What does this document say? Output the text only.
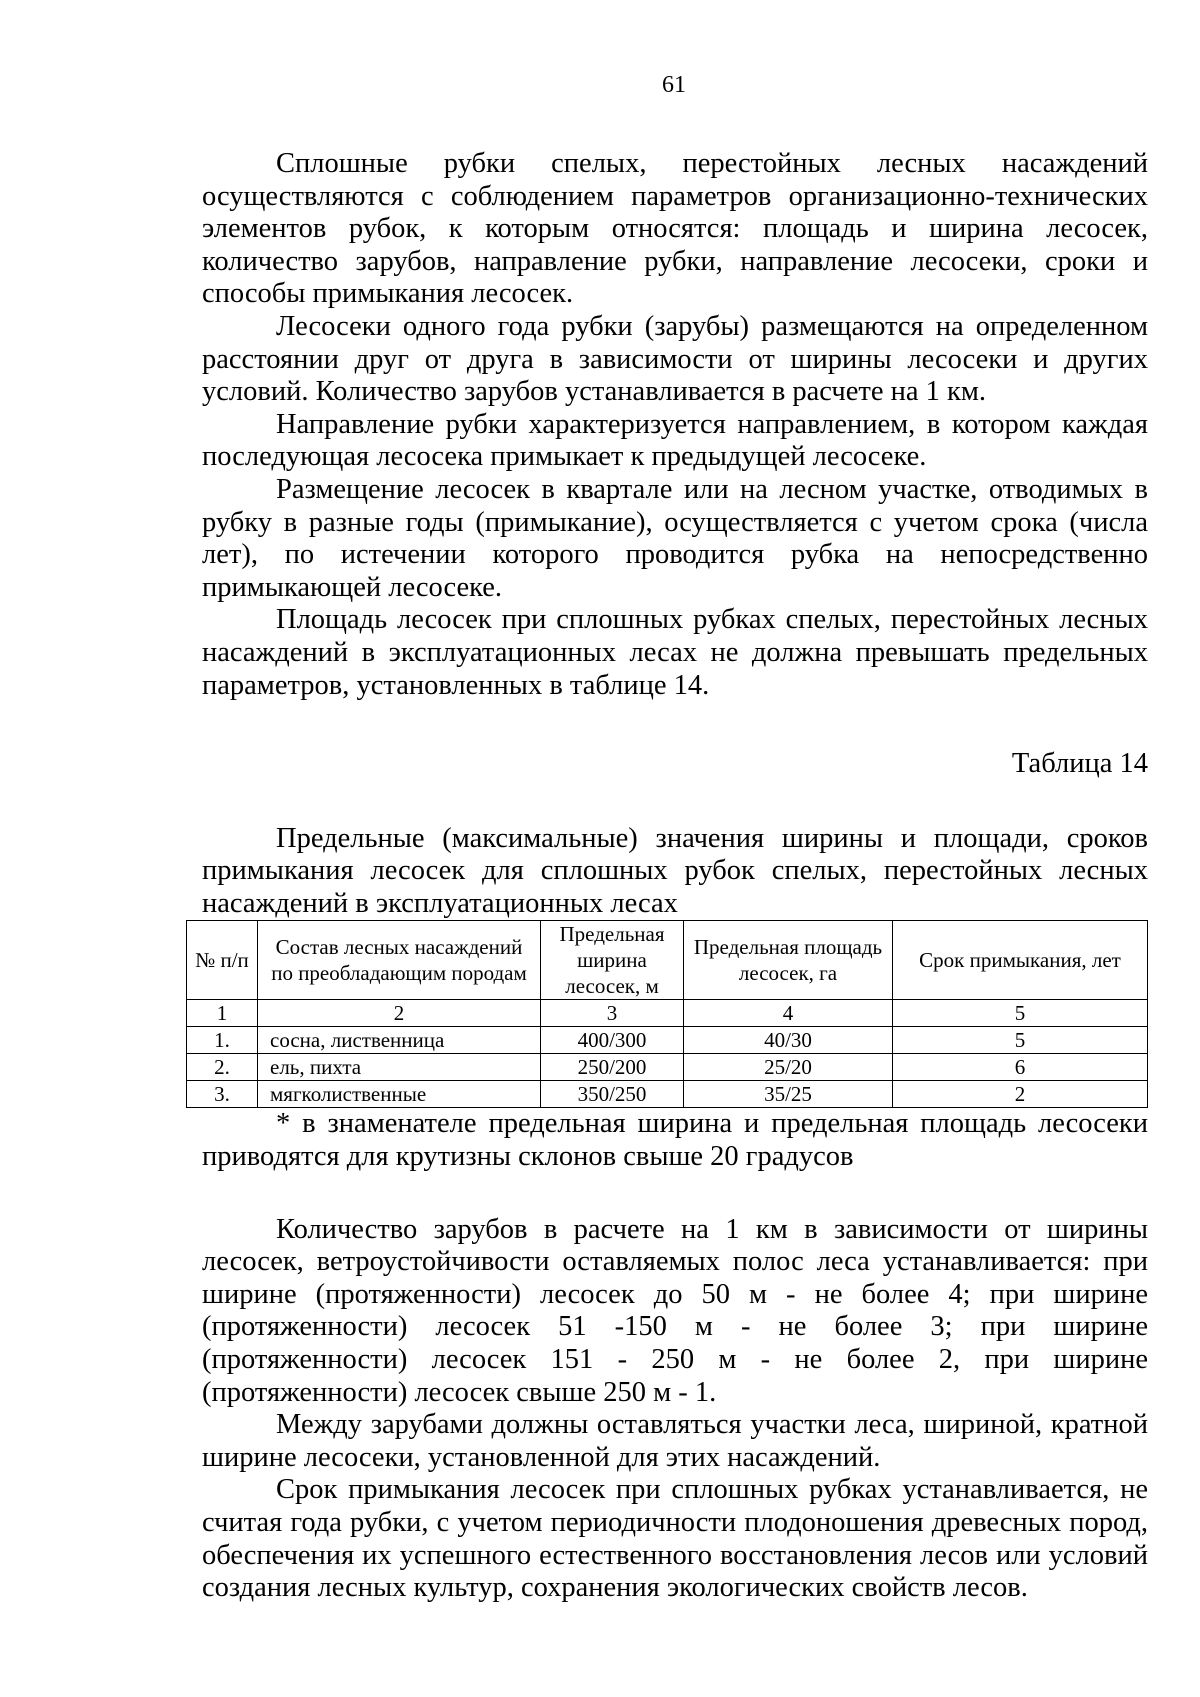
61

Сплошные рубки спелых, перестойных лесных насаждений осуществляются с соблюдением параметров организационно-технических элементов рубок, к которым относятся: площадь и ширина лесосек, количество зарубов, направление рубки, направление лесосеки, сроки и способы примыкания лесосек.

Лесосеки одного года рубки (зарубы) размещаются на определенном расстоянии друг от друга в зависимости от ширины лесосеки и других условий. Количество зарубов устанавливается в расчете на 1 км.

Направление рубки характеризуется направлением, в котором каждая последующая лесосека примыкает к предыдущей лесосеке.

Размещение лесосек в квартале или на лесном участке, отводимых в рубку в разные годы (примыкание), осуществляется с учетом срока (числа лет), по истечении которого проводится рубка на непосредственно примыкающей лесосеке.

Площадь лесосек при сплошных рубках спелых, перестойных лесных насаждений в эксплуатационных лесах не должна превышать предельных параметров, установленных в таблице 14.

Таблица 14
Предельные (максимальные) значения ширины и площади, сроков примыкания лесосек для сплошных рубок спелых, перестойных лесных насаждений в эксплуатационных лесах
№ п/п	Состав лесных насаждений по преобладающим породам	Предельная ширина лесосек, м	Предельная площадь лесосек, га	Срок примыкания, лет
1	2	3	4	5
1.	сосна, лиственница	400/300	40/30	5
2.	ель, пихта	250/200	25/20	6
3.	мягколиственные	350/250	35/25	2

* в знаменателе предельная ширина и предельная площадь лесосеки приводятся для крутизны склонов свыше 20 градусов

Количество зарубов в расчете на 1 км в зависимости от ширины лесосек, ветроустойчивости оставляемых полос леса устанавливается: при ширине (протяженности) лесосек до 50 м - не более 4; при ширине (протяженности) лесосек 51 -150 м - не более 3; при ширине (протяженности) лесосек 151 - 250 м - не более 2, при ширине (протяженности) лесосек свыше 250 м - 1.

Между зарубами должны оставляться участки леса, шириной, кратной ширине лесосеки, установленной для этих насаждений.

Срок примыкания лесосек при сплошных рубках устанавливается, не считая года рубки, с учетом периодичности плодоношения древесных пород, обеспечения их успешного естественного восстановления лесов или условий создания лесных культур, сохранения экологических свойств лесов.
